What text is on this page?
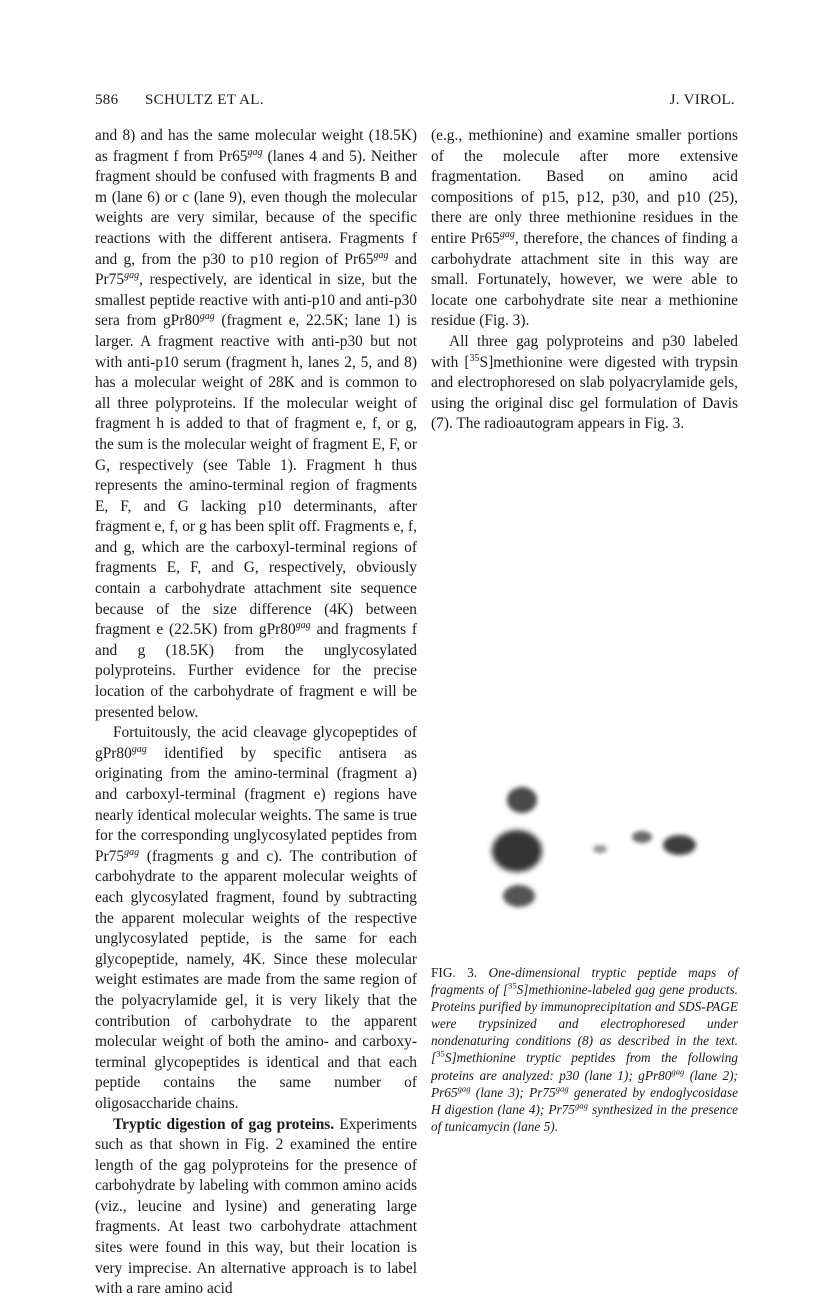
586 SCHULTZ ET AL.	J. VIROL.

and 8) and has the same molecular weight (18.5K) as fragment f from $Pr65^{gag}$ (lanes 4 and 5). Neither fragment should be confused with fragments B and m (lane 6) or c (lane 9), even though the molecular weights are very similar, because of the specific reactions with the different antisera. Fragments f and g, from the p30 to p10 region of $Pr65^{gag}$ and $Pr75^{gag}$, respectively, are identical in size, but the smallest peptide reactive with anti-p10 and anti-p30 sera from $gPr80^{gag}$ (fragment e, 22.5K; lane 1) is larger. A fragment reactive with anti-p30 but not with anti-p10 serum (fragment h, lanes 2, 5, and 8) has a molecular weight of 28K and is common to all three polyproteins. If the molecular weight of fragment h is added to that of fragment e, f, or g, the sum is the molecular weight of fragment E, F, or G, respectively (see Table 1). Fragment h thus represents the amino-terminal region of fragments E, F, and G lacking p10 determinants, after fragment e, f, or g has been split off. Fragments e, f, and g, which are the carboxyl-terminal regions of fragments E, F, and G, respectively, obviously contain a carbohydrate attachment site sequence because of the size difference (4K) between fragment e (22.5K) from $gPr80^{gag}$ and fragments f and g (18.5K) from the unglycosylated polyproteins. Further evidence for the precise location of the carbohydrate of fragment e will be presented below.

Fortuitously, the acid cleavage glycopeptides of $gPr80^{gag}$ identified by specific antisera as originating from the amino-terminal (fragment a) and carboxyl-terminal (fragment e) regions have nearly identical molecular weights. The same is true for the corresponding unglycosylated peptides from $Pr75^{gag}$ (fragments g and c). The contribution of carbohydrate to the apparent molecular weights of each glycosylated fragment, found by subtracting the apparent molecular weights of the respective unglycosylated peptide, is the same for each glycopeptide, namely, 4K. Since these molecular weight estimates are made from the same region of the polyacrylamide gel, it is very likely that the contribution of carbohydrate to the apparent molecular weight of both the amino- and carboxy-terminal glycopeptides is identical and that each peptide contains the same number of oligosaccharide chains.

Tryptic digestion of gag proteins. Experiments such as that shown in Fig. 2 examined the entire length of the gag polyproteins for the presence of carbohydrate by labeling with common amino acids (viz., leucine and lysine) and generating large fragments. At least two carbohydrate attachment sites were found in this way, but their location is very imprecise. An alternative approach is to label with a rare amino acid

(e.g., methionine) and examine smaller portions of the molecule after more extensive fragmentation. Based on amino acid compositions of p15, p12, p30, and p10 (25), there are only three methionine residues in the entire $Pr65^{gag}$, therefore, the chances of finding a carbohydrate attachment site in this way are small. Fortunately, however, we were able to locate one carbohydrate site near a methionine residue (Fig. 3).

All three gag polyproteins and p30 labeled with [$^{35}$S]methionine were digested with trypsin and electrophoresed on slab polyacrylamide gels, using the original disc gel formulation of Davis (7). The radioautogram appears in Fig. 3.

FIG. 3. One-dimensional tryptic peptide maps of fragments of [$^{35}$S]methionine-labeled gag gene products. Proteins purified by immunoprecipitation and SDS-PAGE were trypsinized and electrophoresed under nondenaturing conditions (8) as described in the text. [$^{35}$S]methionine tryptic peptides from the following proteins are analyzed: p30 (lane 1); $gPr80^{gag}$ (lane 2); $Pr65^{gag}$ (lane 3); $Pr75^{gag}$ generated by endoglycosidase H digestion (lane 4); $Pr75^{gag}$ synthesized in the presence of tunicamycin (lane 5).
